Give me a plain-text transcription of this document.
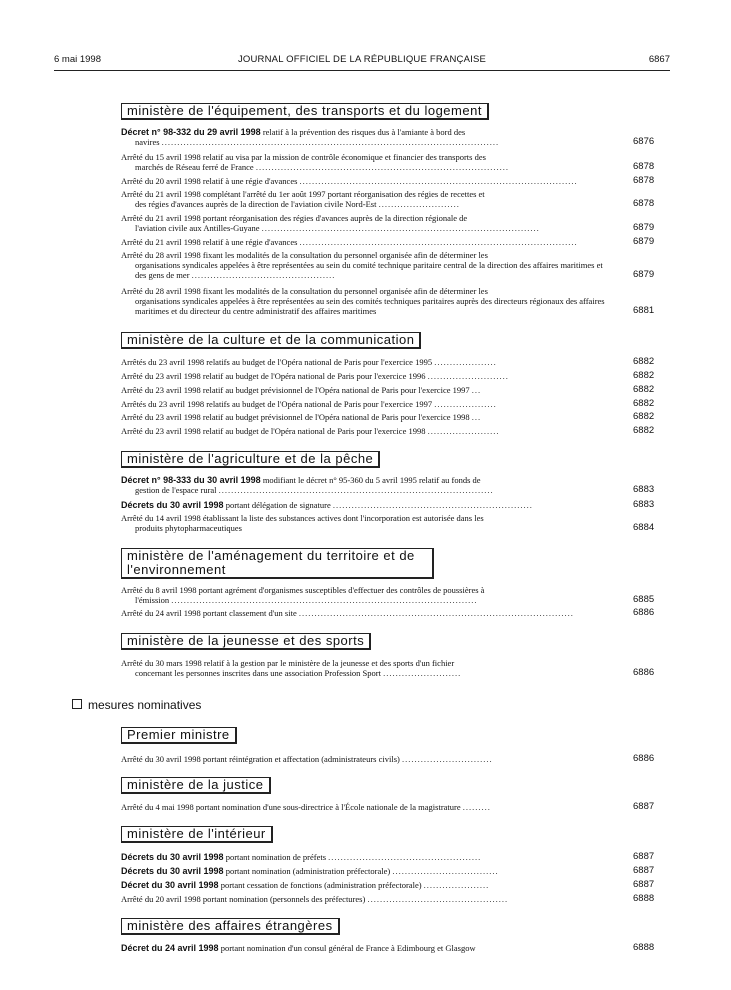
6 mai 1998	JOURNAL OFFICIEL DE LA RÉPUBLIQUE FRANÇAISE	6867
ministère de l'équipement, des transports et du logement
Décret n° 98-332 du 29 avril 1998 relatif à la prévention des risques dus à l'amiante à bord des
navires ............................................................................................................	6876
Arrêté du 15 avril 1998 relatif au visa par la mission de contrôle économique et financier des transports des
marchés de Réseau ferré de France .................................................................................	6878
Arrêté du 20 avril 1998 relatif à une régie d'avances .........................................................................................	6878
Arrêté du 21 avril 1998 complétant l'arrêté du 1er août 1997 portant réorganisation des régies de recettes et
des régies d'avances auprès de la direction de l'aviation civile Nord-Est ..........................	6878
Arrêté du 21 avril 1998 portant réorganisation des régies d'avances auprès de la direction régionale de
l'aviation civile aux Antilles-Guyane .........................................................................................	6879
Arrêté du 21 avril 1998 relatif à une régie d'avances .........................................................................................	6879
Arrêté du 28 avril 1998 fixant les modalités de la consultation du personnel organisée afin de déterminer les
organisations syndicales appelées à être représentées au sein du comité technique paritaire central de la direction des affaires maritimes et des gens de mer ..............................................	6879
Arrêté du 28 avril 1998 fixant les modalités de la consultation du personnel organisée afin de déterminer les
organisations syndicales appelées à être représentées au sein des comités techniques paritaires auprès des directeurs régionaux des affaires maritimes et du directeur du centre administratif des affaires maritimes	6881
ministère de la culture et de la communication
Arrêtés du 23 avril 1998 relatifs au budget de l'Opéra national de Paris pour l'exercice 1995 ....................	6882
Arrêté du 23 avril 1998 relatif au budget de l'Opéra national de Paris pour l'exercice 1996 ..........................	6882
Arrêté du 23 avril 1998 relatif au budget prévisionnel de l'Opéra national de Paris pour l'exercice 1997 ...	6882
Arrêtés du 23 avril 1998 relatifs au budget de l'Opéra national de Paris pour l'exercice 1997 ....................	6882
Arrêté du 23 avril 1998 relatif au budget prévisionnel de l'Opéra national de Paris pour l'exercice 1998 ...	6882
Arrêté du 23 avril 1998 relatif au budget de l'Opéra national de Paris pour l'exercice 1998 .......................	6882
ministère de l'agriculture et de la pêche
Décret n° 98-333 du 30 avril 1998 modifiant le décret n° 95-360 du 5 avril 1995 relatif au fonds de
gestion de l'espace rural ........................................................................................	6883
Décrets du 30 avril 1998 portant délégation de signature ................................................................	6883
Arrêté du 14 avril 1998 établissant la liste des substances actives dont l'incorporation est autorisée dans les
produits phytopharmaceutiques	6884
ministère de l'aménagement du territoire et de l'environnement
Arrêté du 8 avril 1998 portant agrément d'organismes susceptibles d'effectuer des contrôles de poussières à
l'émission ..................................................................................................	6885
Arrêté du 24 avril 1998 portant classement d'un site ........................................................................................	6886
ministère de la jeunesse et des sports
Arrêté du 30 mars 1998 relatif à la gestion par le ministère de la jeunesse et des sports d'un fichier
concernant les personnes inscrites dans une association Profession Sport .........................	6886
Premier ministre
Arrêté du 30 avril 1998 portant réintégration et affectation (administrateurs civils) .............................	6886
ministère de la justice
Arrêté du 4 mai 1998 portant nomination d'une sous-directrice à l'École nationale de la magistrature .........	6887
ministère de l'intérieur
Décrets du 30 avril 1998 portant nomination de préfets .................................................	6887
Décrets du 30 avril 1998 portant nomination (administration préfectorale) ..................................	6887
Décret du 30 avril 1998 portant cessation de fonctions (administration préfectorale) .....................	6887
Arrêté du 20 avril 1998 portant nomination (personnels des préfectures) .............................................	6888
ministère des affaires étrangères
Décret du 24 avril 1998 portant nomination d'un consul général de France à Edimbourg et Glasgow	6888
mesures nominatives
